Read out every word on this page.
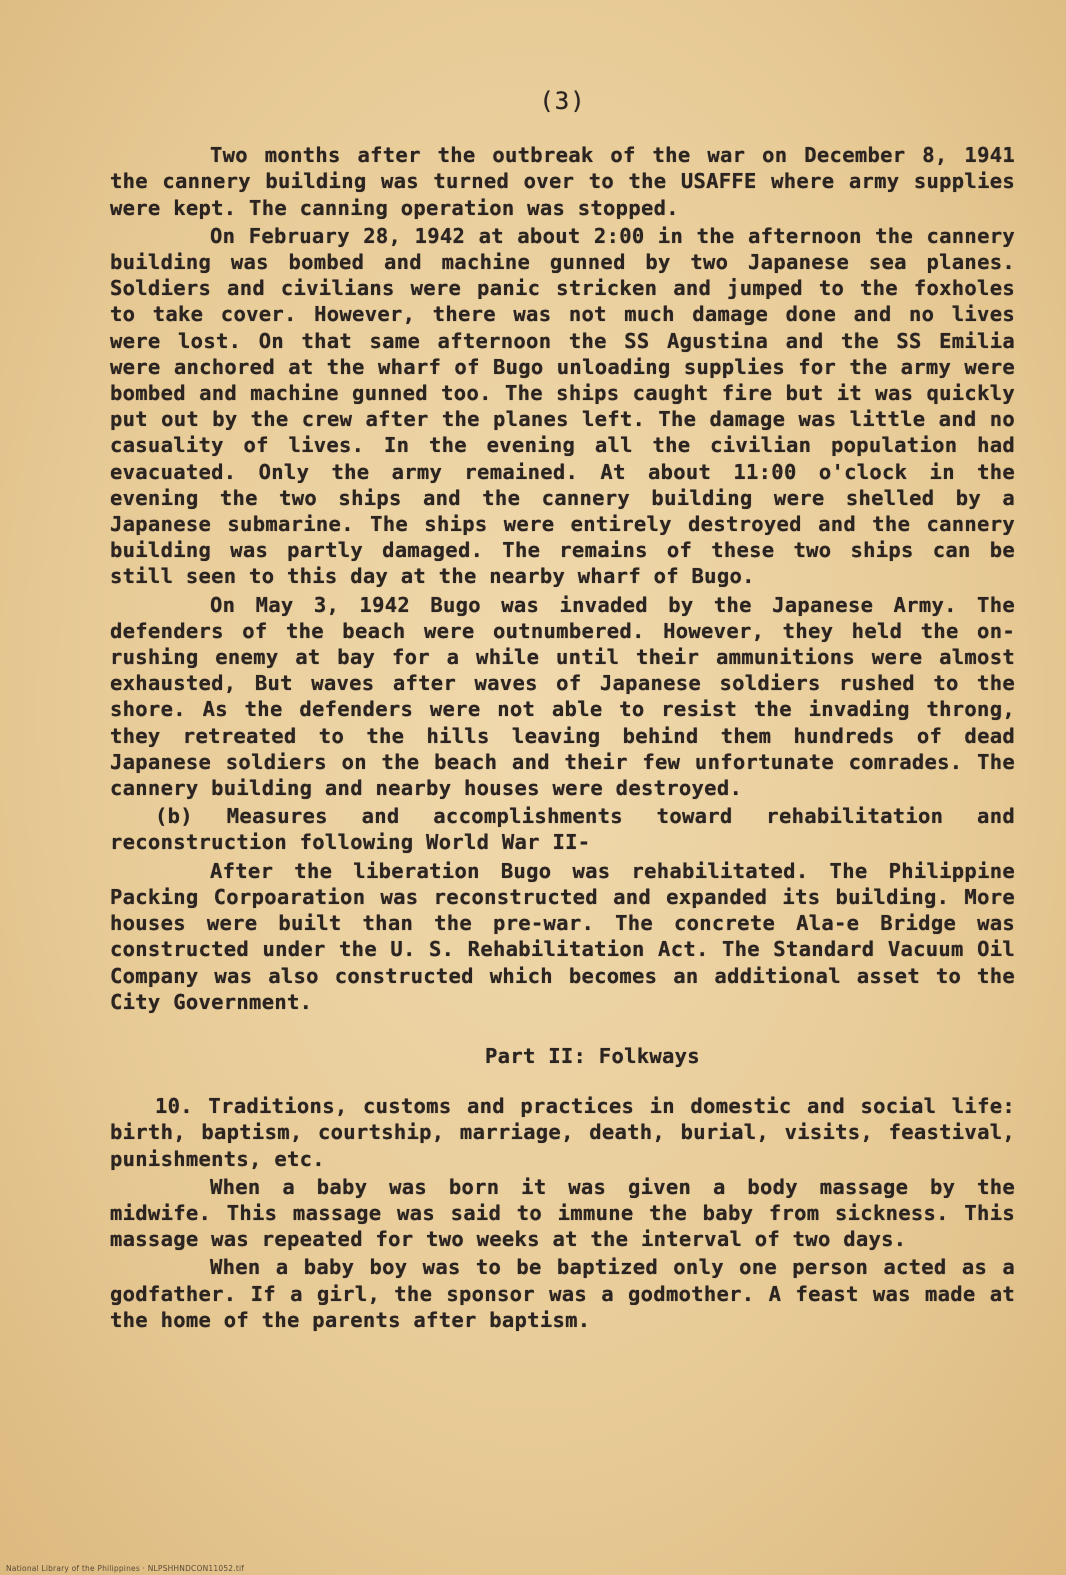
(3)

Two months after the outbreak of the war on December 8, 1941 the cannery building was turned over to the USAFFE where army supplies were kept. The canning operation was stopped.

On February 28, 1942 at about 2:00 in the afternoon the cannery building was bombed and machine gunned by two Japanese sea planes. Soldiers and civilians were panic stricken and jumped to the foxholes to take cover. However, there was not much damage done and no lives were lost. On that same afternoon the SS Agustina and the SS Emilia were anchored at the wharf of Bugo unloading supplies for the army were bombed and machine gunned too. The ships caught fire but it was quickly put out by the crew after the planes left. The damage was little and no casuality of lives. In the evening all the civilian population had evacuated. Only the army remained. At about 11:00 o'clock in the evening the two ships and the cannery building were shelled by a Japanese submarine. The ships were entirely destroyed and the cannery building was partly damaged. The remains of these two ships can be still seen to this day at the nearby wharf of Bugo.

On May 3, 1942 Bugo was invaded by the Japanese Army. The defenders of the beach were outnumbered. However, they held the on-rushing enemy at bay for a while until their ammunitions were almost exhausted, But waves after waves of Japanese soldiers rushed to the shore. As the defenders were not able to resist the invading throng, they retreated to the hills leaving behind them hundreds of dead Japanese soldiers on the beach and their few unfortunate comrades. The cannery building and nearby houses were destroyed.

(b) Measures and accomplishments toward rehabilitation and reconstruction following World War II-

After the liberation Bugo was rehabilitated. The Philippine Packing Corpoaration was reconstructed and expanded its building. More houses were built than the pre-war. The concrete Ala-e Bridge was constructed under the U. S. Rehabilitation Act. The Standard Vacuum Oil Company was also constructed which becomes an additional asset to the City Government.

Part II: Folkways

10. Traditions, customs and practices in domestic and social life: birth, baptism, courtship, marriage, death, burial, visits, feastival, punishments, etc.

When a baby was born it was given a body massage by the midwife. This massage was said to immune the baby from sickness. This massage was repeated for two weeks at the interval of two days.

When a baby boy was to be baptized only one person acted as a godfather. If a girl, the sponsor was a godmother. A feast was made at the home of the parents after baptism.

National Library of the Philippines · NLPSHHNDCON11052.tif
